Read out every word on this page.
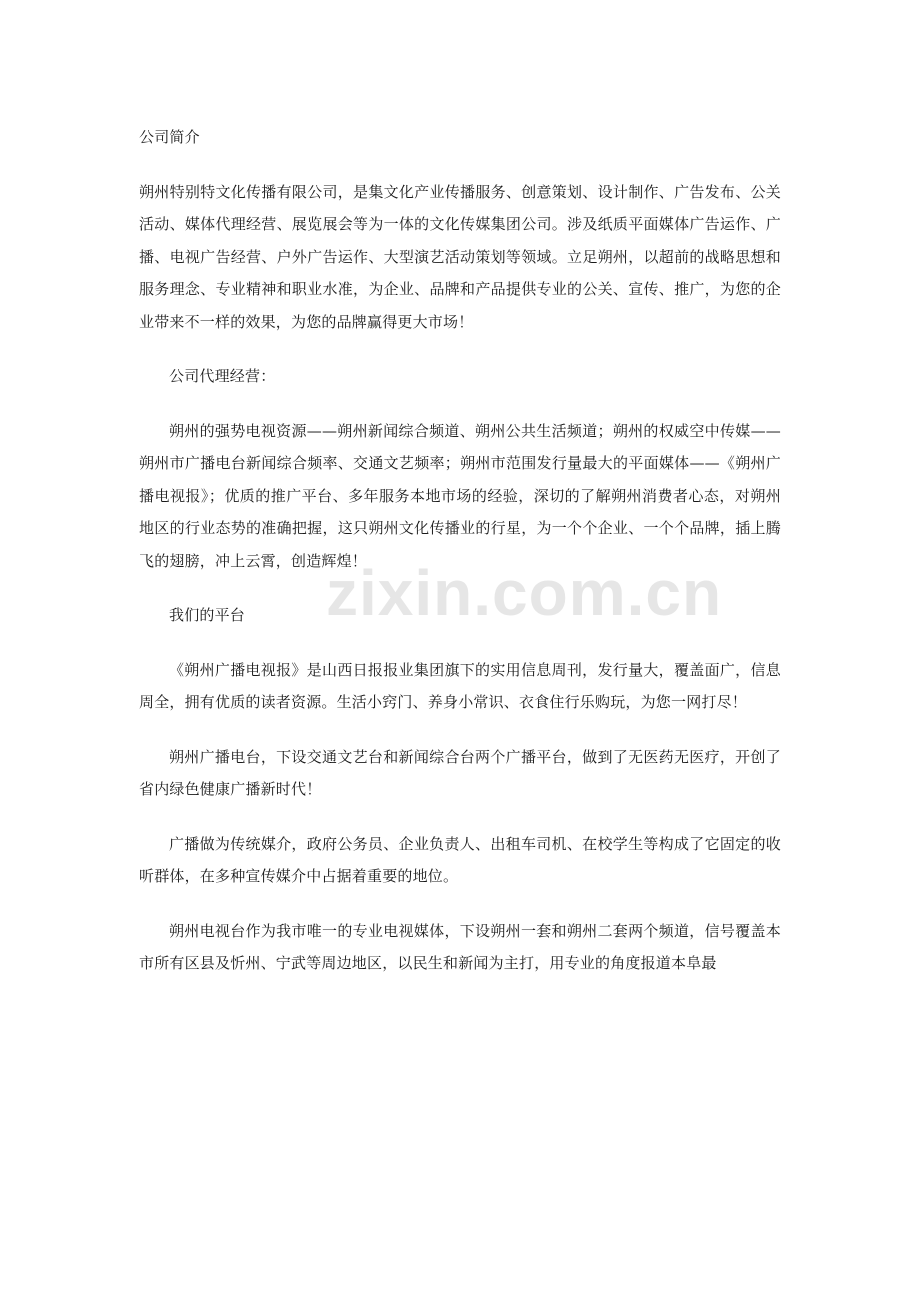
zixin.com.cn

公司简介

朔州特别特文化传播有限公司，是集文化产业传播服务、创意策划、设计制作、广告发布、公关活动、媒体代理经营、展览展会等为一体的文化传媒集团公司。涉及纸质平面媒体广告运作、广播、电视广告经营、户外广告运作、大型演艺活动策划等领域。立足朔州，以超前的战略思想和服务理念、专业精神和职业水准，为企业、品牌和产品提供专业的公关、宣传、推广，为您的企业带来不一样的效果，为您的品牌赢得更大市场！

公司代理经营：

朔州的强势电视资源——朔州新闻综合频道、朔州公共生活频道；朔州的权威空中传媒——朔州市广播电台新闻综合频率、交通文艺频率；朔州市范围发行量最大的平面媒体——《朔州广播电视报》；优质的推广平台、多年服务本地市场的经验，深切的了解朔州消费者心态，对朔州地区的行业态势的准确把握，这只朔州文化传播业的行星，为一个个企业、一个个品牌，插上腾飞的翅膀，冲上云霄，创造辉煌！

我们的平台

《朔州广播电视报》是山西日报报业集团旗下的实用信息周刊，发行量大，覆盖面广，信息周全，拥有优质的读者资源。生活小窍门、养身小常识、衣食住行乐购玩，为您一网打尽！

朔州广播电台，下设交通文艺台和新闻综合台两个广播平台，做到了无医药无医疗，开创了省内绿色健康广播新时代！

广播做为传统媒介，政府公务员、企业负责人、出租车司机、在校学生等构成了它固定的收听群体，在多种宣传媒介中占据着重要的地位。

朔州电视台作为我市唯一的专业电视媒体，下设朔州一套和朔州二套两个频道，信号覆盖本市所有区县及忻州、宁武等周边地区，以民生和新闻为主打，用专业的角度报道本阜最
